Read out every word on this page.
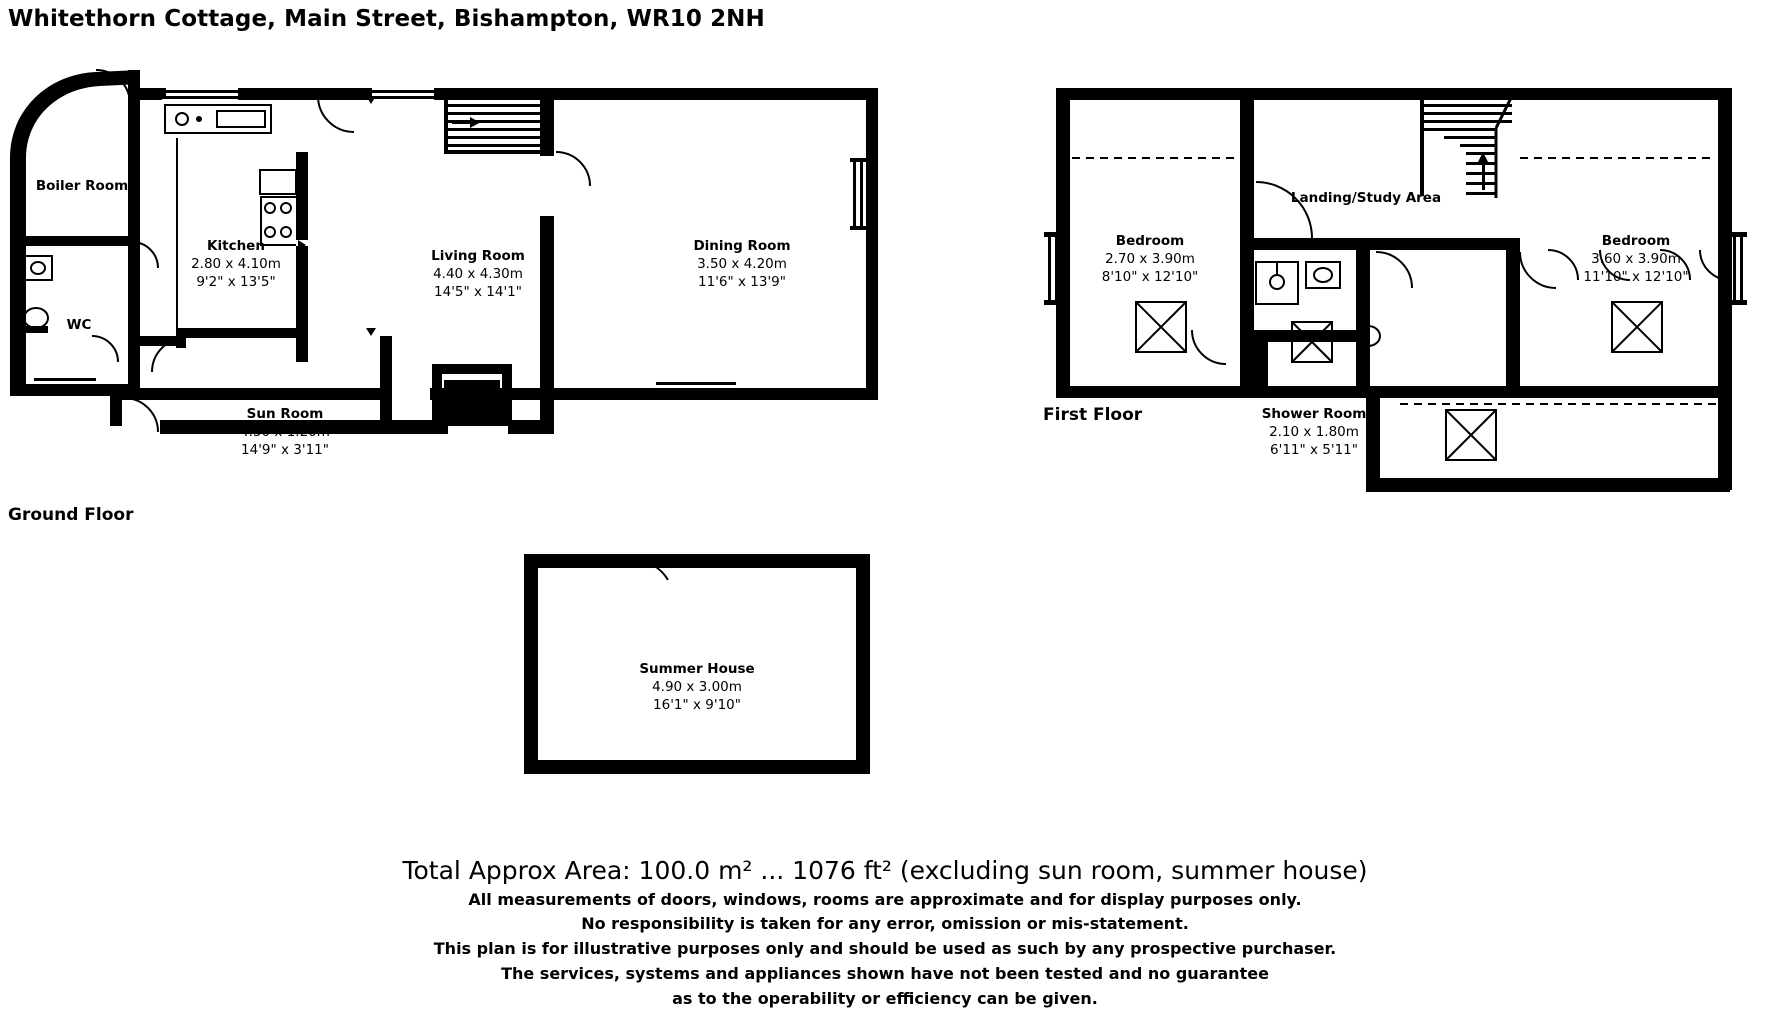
Whitethorn Cottage, Main Street, Bishampton, WR10 2NH
Ground Floor
First Floor
Boiler Room
WC
Kitchen
2.80 x 4.10m
9'2" x 13'5"
Living Room
4.40 x 4.30m
14'5" x 14'1"
Dining Room
3.50 x 4.20m
11'6" x 13'9"
Sun Room
4.50 x 1.20m
14'9" x 3'11"
Landing/Study Area
Bedroom
2.70 x 3.90m
8'10" x 12'10"
Bedroom
3.60 x 3.90m
11'10" x 12'10"
Shower Room
2.10 x 1.80m
6'11" x 5'11"
Summer House
4.90 x 3.00m
16'1" x 9'10"
Total Approx Area: 100.0 m² ... 1076 ft² (excluding sun room, summer house)
All measurements of doors, windows, rooms are approximate and for display purposes only.
No responsibility is taken for any error, omission or mis-statement.
This plan is for illustrative purposes only and should be used as such by any prospective purchaser.
The services, systems and appliances shown have not been tested and no guarantee
as to the operability or efficiency can be given.
